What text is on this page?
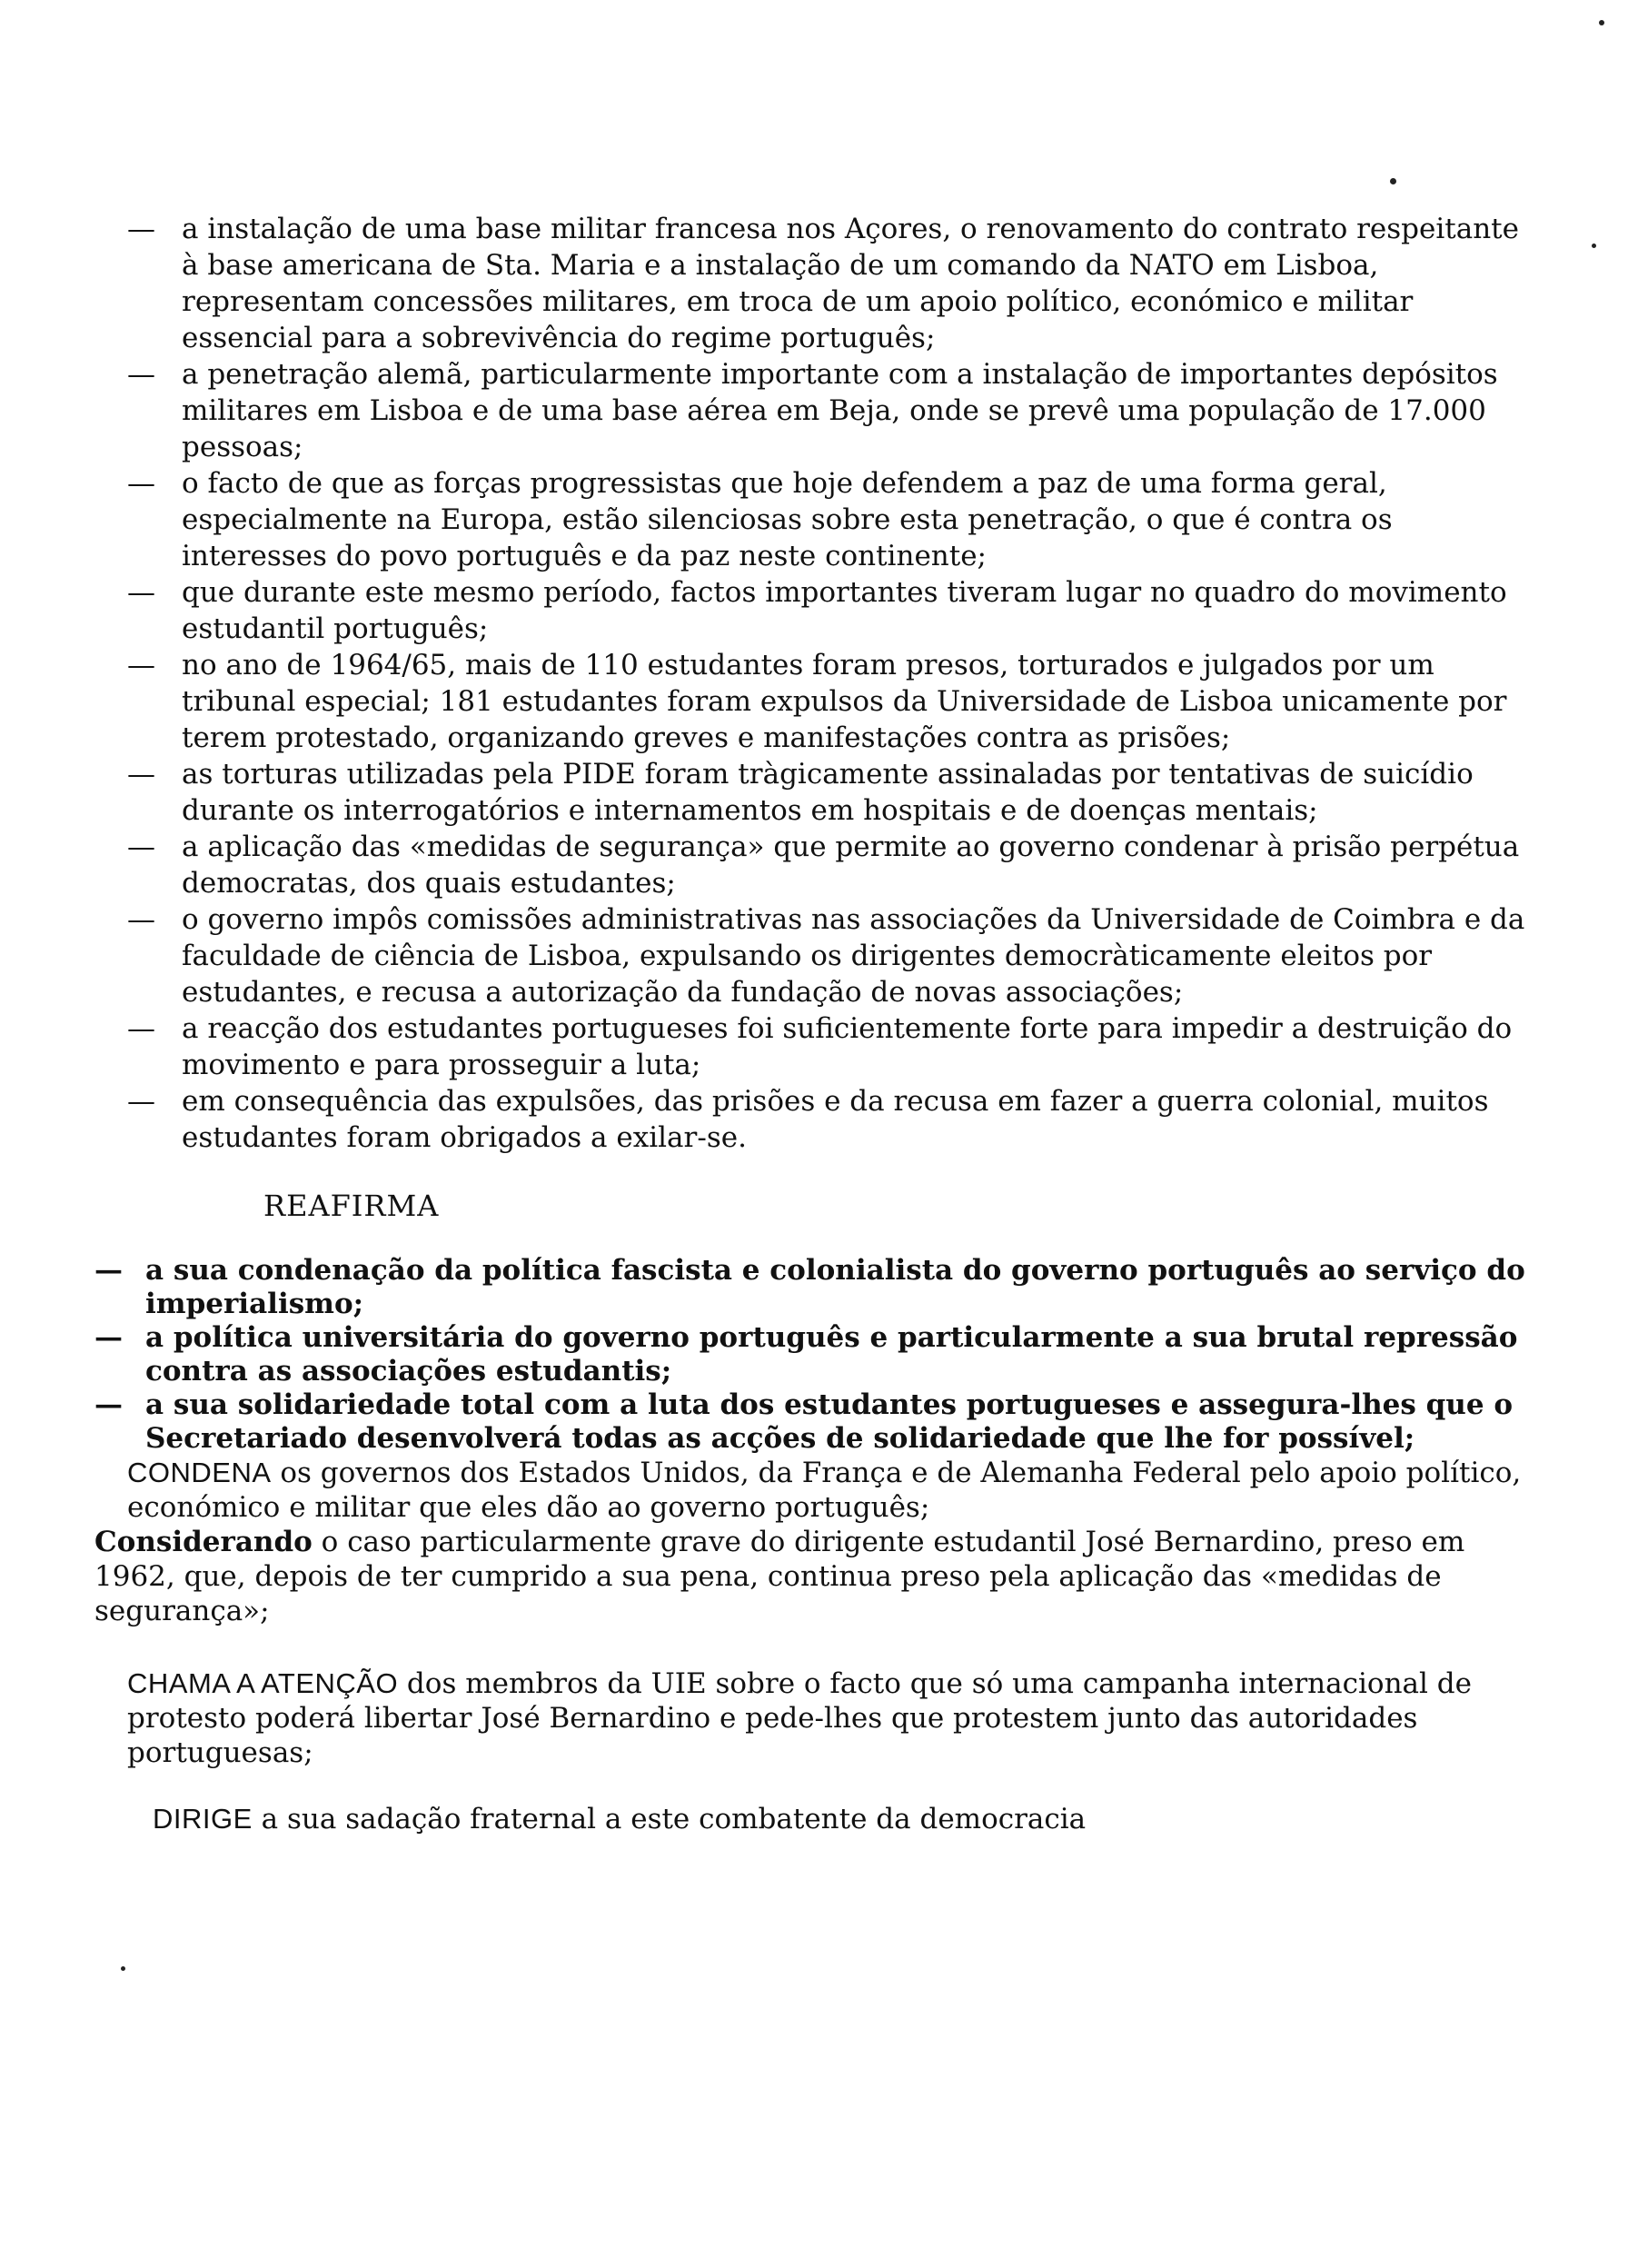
— a instalação de uma base militar francesa nos Açores, o renovamento do contrato respeitante à base americana de Sta. Maria e a instalação de um comando da NATO em Lisboa, representam concessões militares, em troca de um apoio político, económico e militar essencial para a sobrevivência do regime português;
— a penetração alemã, particularmente importante com a instalação de importantes depósitos militares em Lisboa e de uma base aérea em Beja, onde se prevê uma população de 17.000 pessoas;
— o facto de que as forças progressistas que hoje defendem a paz de uma forma geral, especialmente na Europa, estão silenciosas sobre esta penetração, o que é contra os interesses do povo português e da paz neste continente;
— que durante este mesmo período, factos importantes tiveram lugar no quadro do movimento estudantil português;
— no ano de 1964/65, mais de 110 estudantes foram presos, torturados e julgados por um tribunal especial; 181 estudantes foram expulsos da Universidade de Lisboa unicamente por terem protestado, organizando greves e manifestações contra as prisões;
— as torturas utilizadas pela PIDE foram tràgicamente assinaladas por tentativas de suicídio durante os interrogatórios e internamentos em hospitais e de doenças mentais;
— a aplicação das «medidas de segurança» que permite ao governo condenar à prisão perpétua democratas, dos quais estudantes;
— o governo impôs comissões administrativas nas associações da Universidade de Coimbra e da faculdade de ciência de Lisboa, expulsando os dirigentes democràticamente eleitos por estudantes, e recusa a autorização da fundação de novas associações;
— a reacção dos estudantes portugueses foi suficientemente forte para impedir a destruição do movimento e para prosseguir a luta;
— em consequência das expulsões, das prisões e da recusa em fazer a guerra colonial, muitos estudantes foram obrigados a exilar-se.
REAFIRMA
— a sua condenação da política fascista e colonialista do governo português ao serviço do imperialismo;
— a política universitária do governo português e particularmente a sua brutal repressão contra as associações estudantis;
— a sua solidariedade total com a luta dos estudantes portugueses e assegura-lhes que o Secretariado desenvolverá todas as acções de solidariedade que lhe for possível;

CONDENA os governos dos Estados Unidos, da França e de Alemanha Federal pelo apoio político, económico e militar que eles dão ao governo português;

Considerando o caso particularmente grave do dirigente estudantil José Bernardino, preso em 1962, que, depois de ter cumprido a sua pena, continua preso pela aplicação das «medidas de segurança»;

CHAMA A ATENÇÃO dos membros da UIE sobre o facto que só uma campanha internacional de protesto poderá libertar José Bernardino e pede-lhes que protestem junto das autoridades portuguesas;

DIRIGE a sua sadação fraternal a este combatente da democracia
